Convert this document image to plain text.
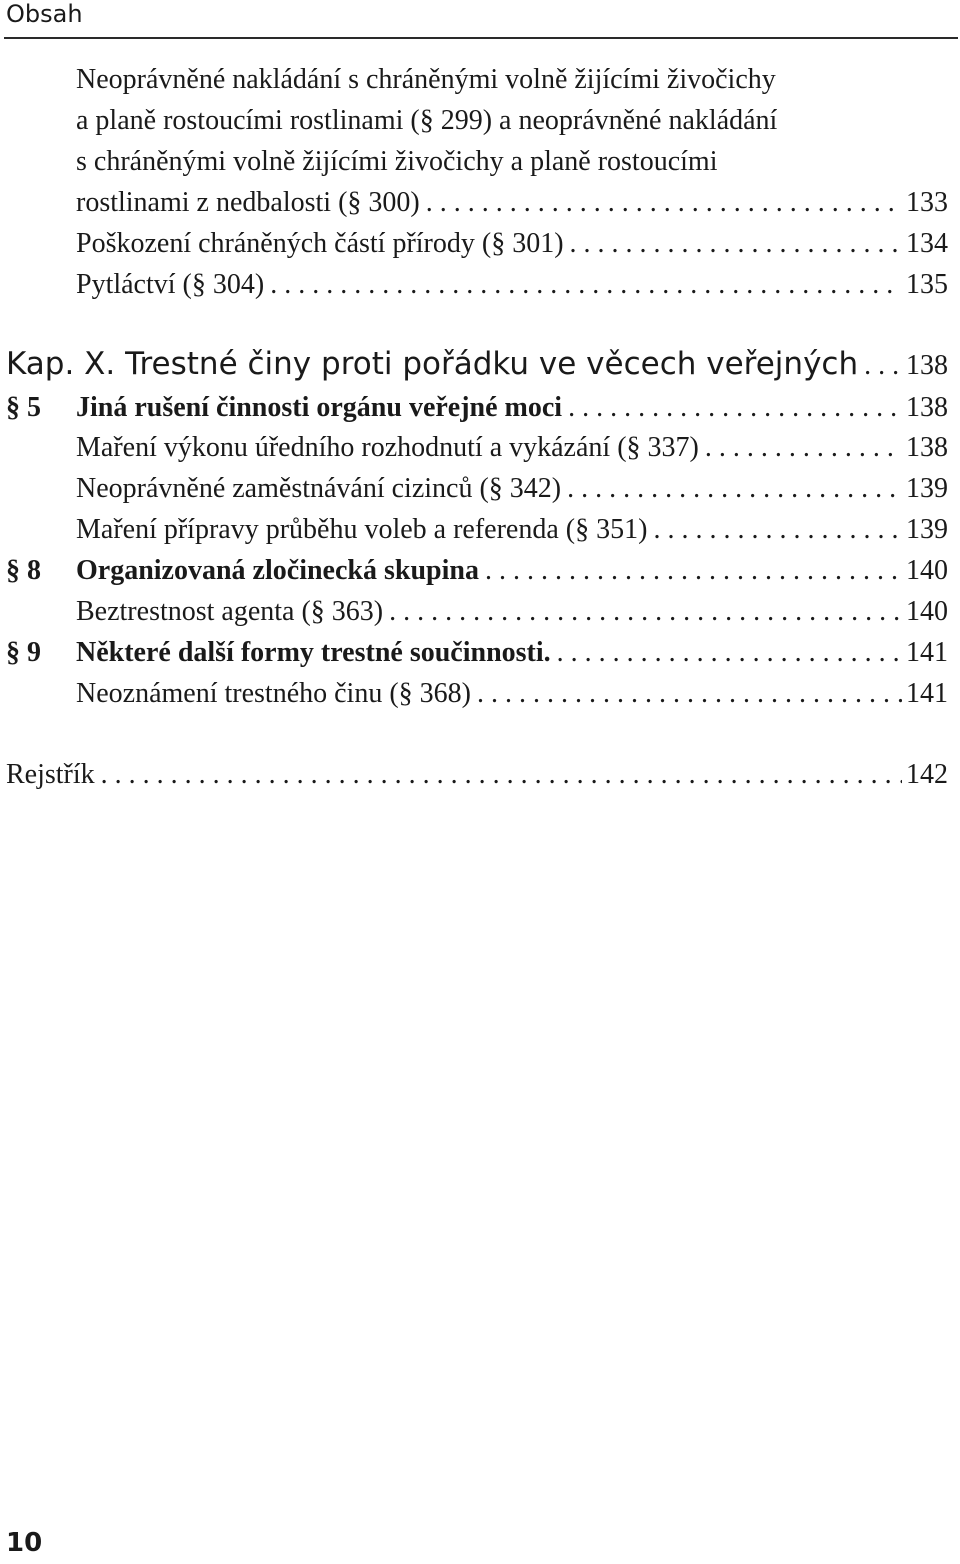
Obsah
Neoprávněné nakládání s chráněnými volně žijícími živočichy
a planě rostoucími rostlinami (§ 299) a neoprávněné nakládání
s chráněnými volně žijícími živočichy a planě rostoucími
rostlinami z nedbalosti (§ 300) . . .	133
Poškození chráněných částí přírody (§ 301) . . .	134
Pytláctví (§ 304) . . .	135
Kap. X. Trestné činy proti pořádku ve věcech veřejných . . . 138
§ 5 Jiná rušení činnosti orgánu veřejné moci . . .	138
Maření výkonu úředního rozhodnutí a vykázání (§ 337) . . .	138
Neoprávněné zaměstnávání cizinců (§ 342) . . .	139
Maření přípravy průběhu voleb a referenda (§ 351) . . .	139
§ 8 Organizovaná zločinecká skupina . . .	140
Beztrestnost agenta (§ 363) . . .	140
§ 9 Některé další formy trestné součinnosti. . . .	141
Neoznámení trestného činu (§ 368) . . .	141
Rejstřík . . .	142
10
